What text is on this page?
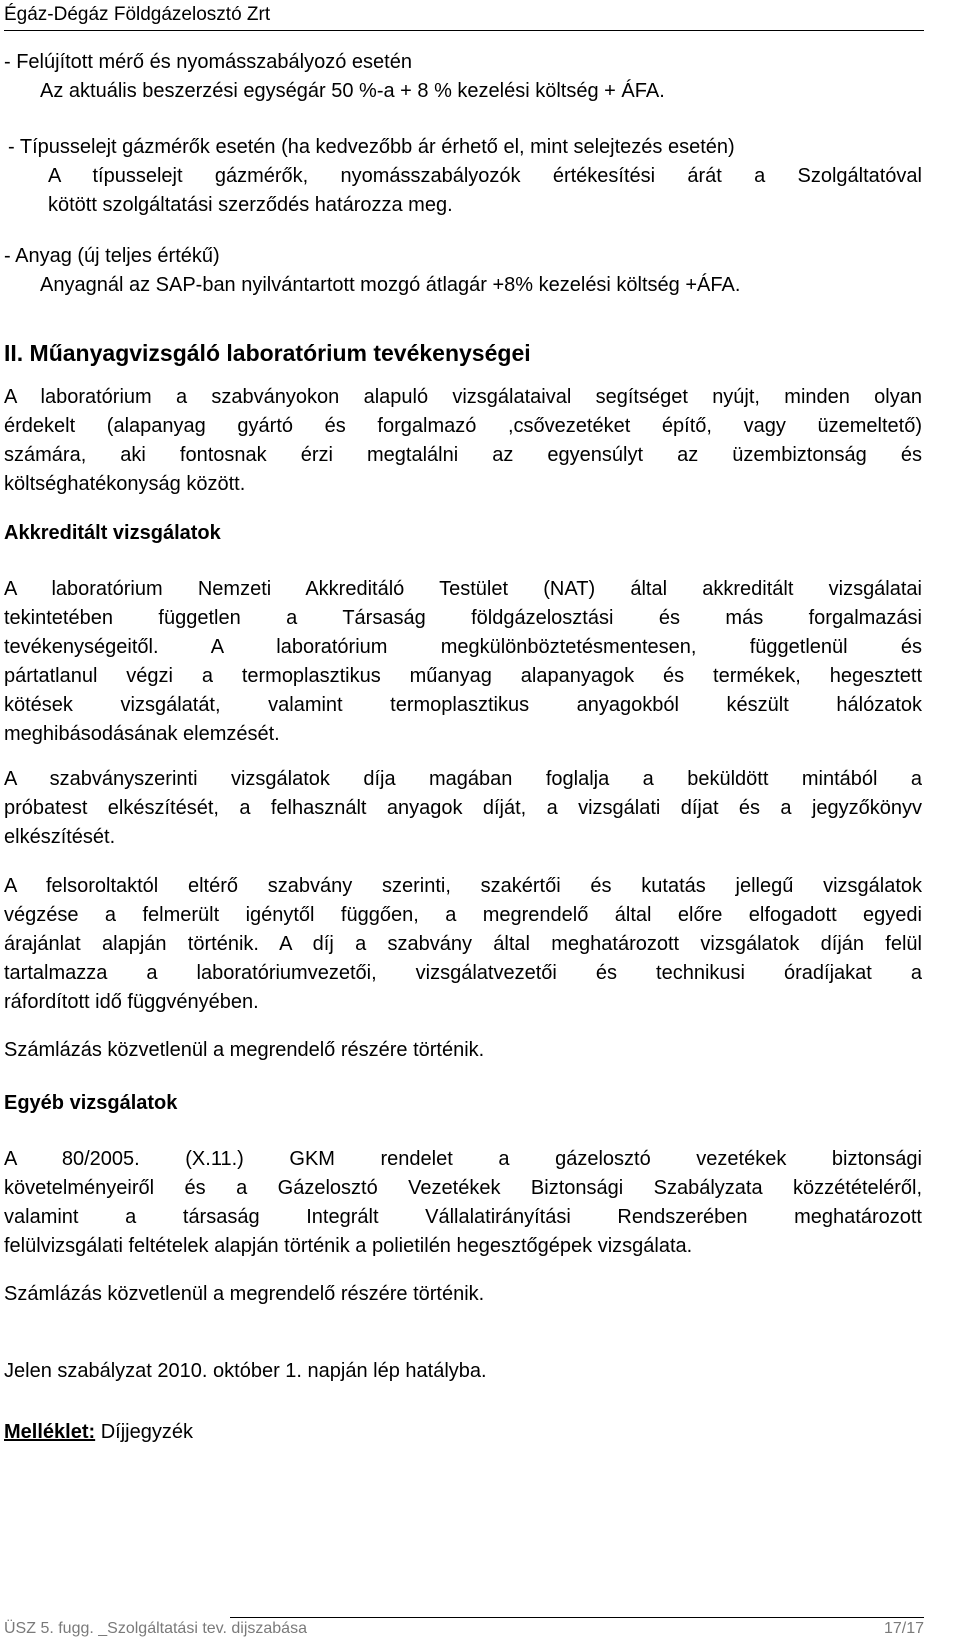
Égáz-Dégáz Földgázelosztó Zrt
- Felújított mérő és nyomásszabályozó esetén
Az aktuális beszerzési egységár 50 %-a + 8 % kezelési költség + ÁFA.
- Típusselejt gázmérők esetén (ha kedvezőbb ár érhető el, mint selejtezés esetén)
A típusselejt gázmérők, nyomásszabályozók értékesítési árát a Szolgáltatóval
kötött szolgáltatási szerződés határozza meg.
- Anyag (új teljes értékű)
Anyagnál az SAP-ban nyilvántartott mozgó átlagár +8% kezelési költség +ÁFA.
II. Műanyagvizsgáló laboratórium tevékenységei
A laboratórium a szabványokon alapuló vizsgálataival segítséget nyújt, minden olyan
érdekelt (alapanyag gyártó és forgalmazó ,csővezetéket építő, vagy üzemeltető)
számára, aki fontosnak érzi megtalálni az egyensúlyt az üzembiztonság és
költséghatékonyság között.
Akkreditált vizsgálatok
A laboratórium Nemzeti Akkreditáló Testület (NAT) által akkreditált vizsgálatai
tekintetében független a Társaság földgázelosztási és más forgalmazási
tevékenységeitől. A laboratórium megkülönböztetésmentesen, függetlenül és
pártatlanul végzi a termoplasztikus műanyag alapanyagok és termékek, hegesztett
kötések vizsgálatát, valamint termoplasztikus anyagokból készült hálózatok
meghibásodásának elemzését.
A szabványszerinti vizsgálatok díja magában foglalja a beküldött mintából a
próbatest elkészítését, a felhasznált anyagok díját, a vizsgálati díjat és a jegyzőkönyv
elkészítését.
A felsoroltaktól eltérő szabvány szerinti, szakértői és kutatás jellegű vizsgálatok
végzése a felmerült igénytől függően, a megrendelő által előre elfogadott egyedi
árajánlat alapján történik. A díj a szabvány által meghatározott vizsgálatok díján felül
tartalmazza a laboratóriumvezetői, vizsgálatvezetői és technikusi óradíjakat a
ráfordított idő függvényében.
Számlázás közvetlenül a megrendelő részére történik.
Egyéb vizsgálatok
A 80/2005. (X.11.) GKM rendelet a gázelosztó vezetékek biztonsági
követelményeiről és a Gázelosztó Vezetékek Biztonsági Szabályzata közzétételéről,
valamint a társaság Integrált Vállalatirányítási Rendszerében meghatározott
felülvizsgálati feltételek alapján történik a polietilén hegesztőgépek vizsgálata.
Számlázás közvetlenül a megrendelő részére történik.
Jelen szabályzat 2010. október 1. napján lép hatályba.
Melléklet: Díjjegyzék
ÜSZ 5. fugg. _Szolgáltatási tev. dijszabása	17/17
